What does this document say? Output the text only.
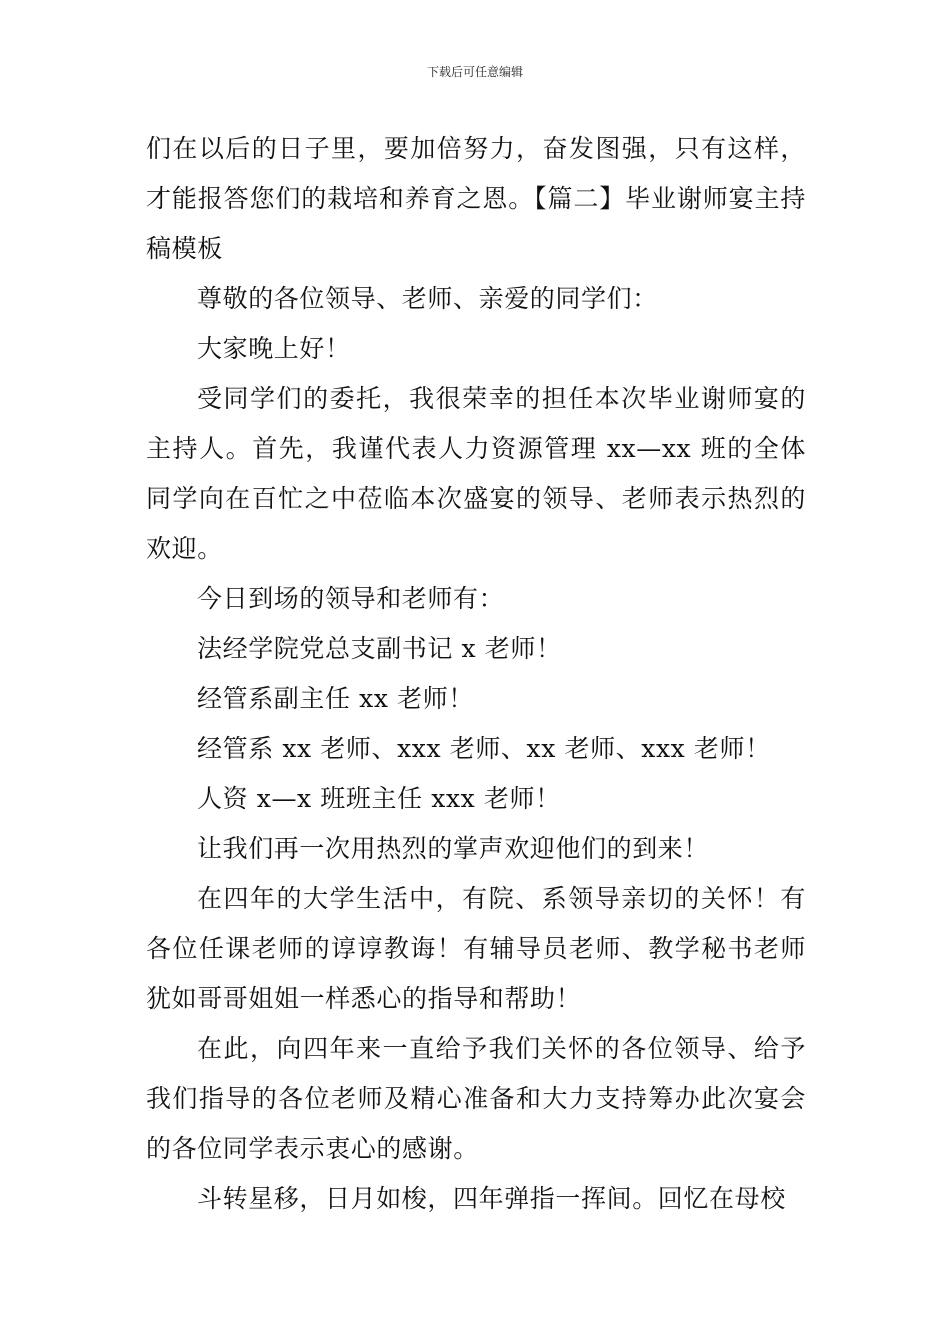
下载后可任意编辑

们在以后的日子里，要加倍努力，奋发图强，只有这样，才能报答您们的栽培和养育之恩。【篇二】毕业谢师宴主持稿模板

尊敬的各位领导、老师、亲爱的同学们：

大家晚上好！

受同学们的委托，我很荣幸的担任本次毕业谢师宴的主持人。首先，我谨代表人力资源管理 xx—xx 班的全体同学向在百忙之中莅临本次盛宴的领导、老师表示热烈的欢迎。

今日到场的领导和老师有：

法经学院党总支副书记 x 老师！

经管系副主任 xx 老师！

经管系 xx 老师、xxx 老师、xx 老师、xxx 老师！

人资 x—x 班班主任 xxx 老师！

让我们再一次用热烈的掌声欢迎他们的到来！

在四年的大学生活中，有院、系领导亲切的关怀！有各位任课老师的谆谆教诲！有辅导员老师、教学秘书老师犹如哥哥姐姐一样悉心的指导和帮助！

在此，向四年来一直给予我们关怀的各位领导、给予我们指导的各位老师及精心准备和大力支持筹办此次宴会的各位同学表示衷心的感谢。

斗转星移，日月如梭，四年弹指一挥间。回忆在母校
